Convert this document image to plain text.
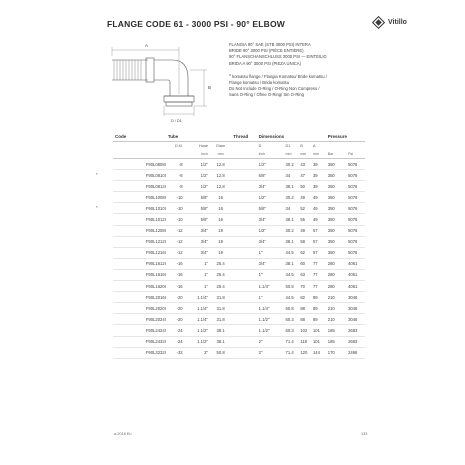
FLANGE CODE 61 - 3000 PSI - 90° ELBOW	Vitillo
A
B
D / D1
FLANGIA 90° SAE (STB 3000 PSI) INTERA
BRIDE 90° 3000 PSI (PIÈCE ENTIÈRE)
90° FLANSCHANSCHLUSS 3000 PSI — EINTEILIG
BRIDA A 90° 3000 PSI (PIEZA ÚNICA)
* komatsu flange / Flangia Komatsu/ Bride komatsu /
Flange komatsu / Brida komatsu
Do Not Include O-Ring / O-Ring Non Compreso /
Sans O-Ring / Ohne O-Ring/ Sin O-Ring
Code	Tube			Thread	Dimensions				Pressure	
	D.N.	Hose	Diam		D	D1	B	A		
		Inch	mm		inch	mm	mm	mm	Bar	Psi
F90L0808I	-8	1/2"	12.8		1/2"	30.2	43	39	350	5076
F90L0810I	-8	1/2"	12.8		5/8"	34	47	39	350	5076
F90L0812I	-8	1/2"	12.8		3/4"	38.1	50	39	350	5076
F90L1008I	-10	5/8"	16		1/2"	30.2	49	49	350	5076
F90L1010I	-10	5/8"	16		5/8"	34	52	49	350	5076
F90L1012I	-10	5/8"	16		3/4"	38.1	55	49	350	5076
F90L1208I	-12	3/4"	19		1/2"	30.2	49	57	350	5076
F90L1212I	-12	3/4"	19		3/4"	38.1	58	57	350	5076
F90L1216I	-12	3/4"	19		1"	44.5	62	57	350	5076
F90L1612I	-16	1"	25.4		3/4"	38.1	60	77	280	4061
F90L1616I	-16	1"	25.4		1"	44.5	63	77	280	4061
F90L1620I	-16	1"	25.4		1.1/4"	50.8	70	77	280	4061
F90L2016I	-20	1.1/4"	31.8		1"	44.5	82	89	210	3046
F90L2020I	-20	1.1/4"	31.8		1.1/4"	50.8	88	89	210	3046
F90L2024I	-20	1.1/4"	31.8		1.1/2"	60.3	88	89	210	3046
F90L2424I	-24	1.1/2"	38.1		1.1/2"	60.3	102	101	185	2683
F90L2432I	-24	1.1/2"	38.1		2"	71.4	118	101	185	2683
F90L3232I	-32	2"	50.8		2"	71.4	120	144	170	2466
a-2016 Eu	133
*
*
